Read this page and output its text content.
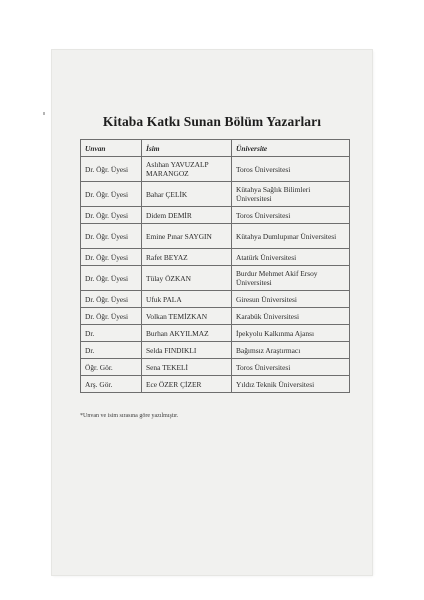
Kitaba Katkı Sunan Bölüm Yazarları
Unvan	İsim	Üniversite
Dr. Öğr. Üyesi	Aslıhan YAVUZALP MARANGOZ	Toros Üniversitesi
Dr. Öğr. Üyesi	Bahar ÇELİK	Kütahya Sağlık Bilimleri Üniversitesi
Dr. Öğr. Üyesi	Didem DEMİR	Toros Üniversitesi
Dr. Öğr. Üyesi	Emine Pınar SAYGIN	Kütahya Dumlupınar Üniversitesi
Dr. Öğr. Üyesi	Rafet BEYAZ	Atatürk Üniversitesi
Dr. Öğr. Üyesi	Tülay ÖZKAN	Burdur Mehmet Akif Ersoy Üniversitesi
Dr. Öğr. Üyesi	Ufuk PALA	Giresun Üniversitesi
Dr. Öğr. Üyesi	Volkan TEMİZKAN	Karabük Üniversitesi
Dr.	Burhan AKYILMAZ	İpekyolu Kalkınma Ajansı
Dr.	Selda FINDIKLI	Bağımsız Araştırmacı
Öğr. Gör.	Sena TEKELİ	Toros Üniversitesi
Arş. Gör.	Ece ÖZER ÇİZER	Yıldız Teknik Üniversitesi
*Unvan ve isim sırasına göre yazılmıştır.
